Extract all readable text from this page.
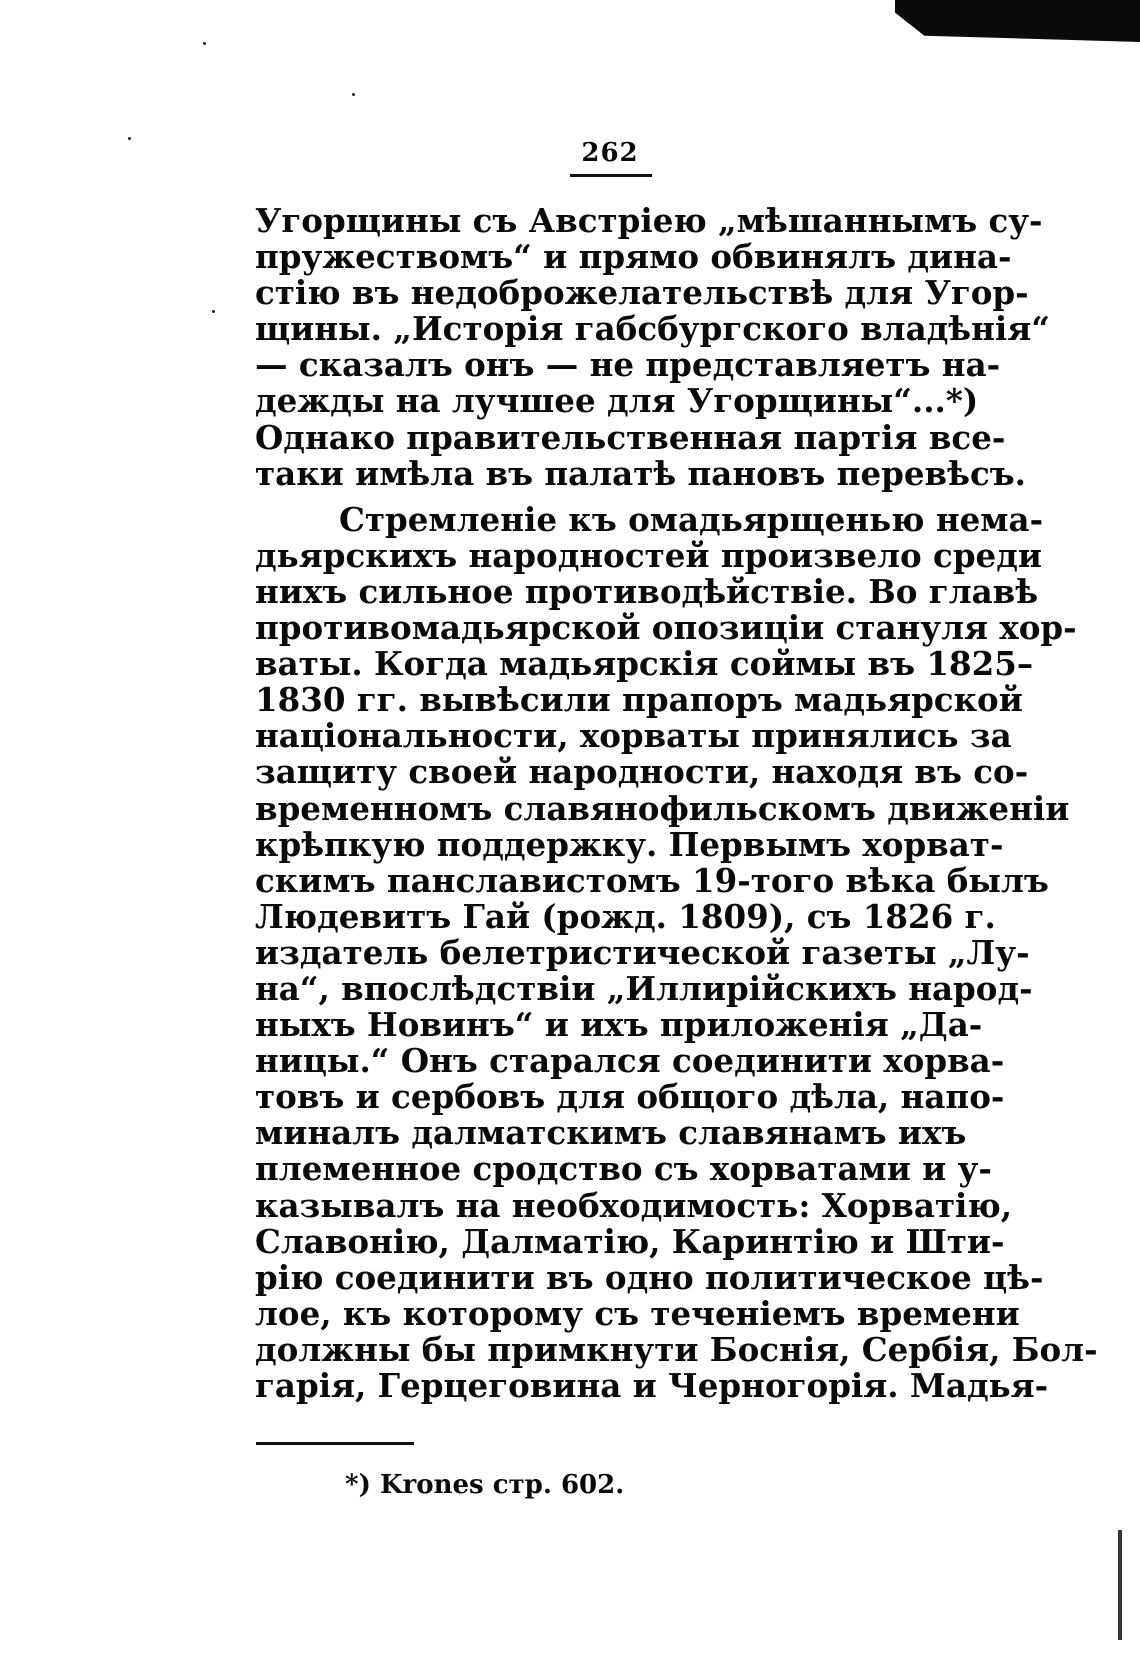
262
Угорщины съ Австріею „мѣшаннымъ су-
пружествомъ“ и прямо обвинялъ дина-
стію въ недоброжелательствѣ для Угор-
щины. „Исторія габсбургского владѣнія“
— сказалъ онъ — не представляетъ на-
дежды на лучшее для Угорщины“...*)
Однако правительственная партія все-
таки имѣла въ палатѣ пановъ перевѣсъ.
Стремленіе къ омадьярщенью нема-
дьярскихъ народностей произвело среди
нихъ сильное противодѣйствіе. Во главѣ
противомадьярской опозиціи стануля хор-
ваты. Когда мадьярскія соймы въ 1825–
1830 гг. вывѣсили прапоръ мадьярской
національности, хорваты принялись за
защиту своей народности, находя въ со-
временномъ славянофильскомъ движеніи
крѣпкую поддержку. Первымъ хорват-
скимъ панславистомъ 19-того вѣка былъ
Людевитъ Гай (рожд. 1809), съ 1826 г.
издатель белетристической газеты „Лу-
на“, впослѣдствіи „Иллирійскихъ народ-
ныхъ Новинъ“ и ихъ приложенія „Да-
ницы.“ Онъ старался соединити хорва-
товъ и сербовъ для общого дѣла, напо-
миналъ далматскимъ славянамъ ихъ
племенное сродство съ хорватами и у-
казывалъ на необходимость: Хорватію,
Славонію, Далматію, Каринтію и Шти-
рію соединити въ одно политическое цѣ-
лое, къ которому съ теченіемъ времени
должны бы примкнути Боснія, Сербія, Бол-
гарія, Герцеговина и Черногорія. Мадья-
*) Krones стр. 602.
